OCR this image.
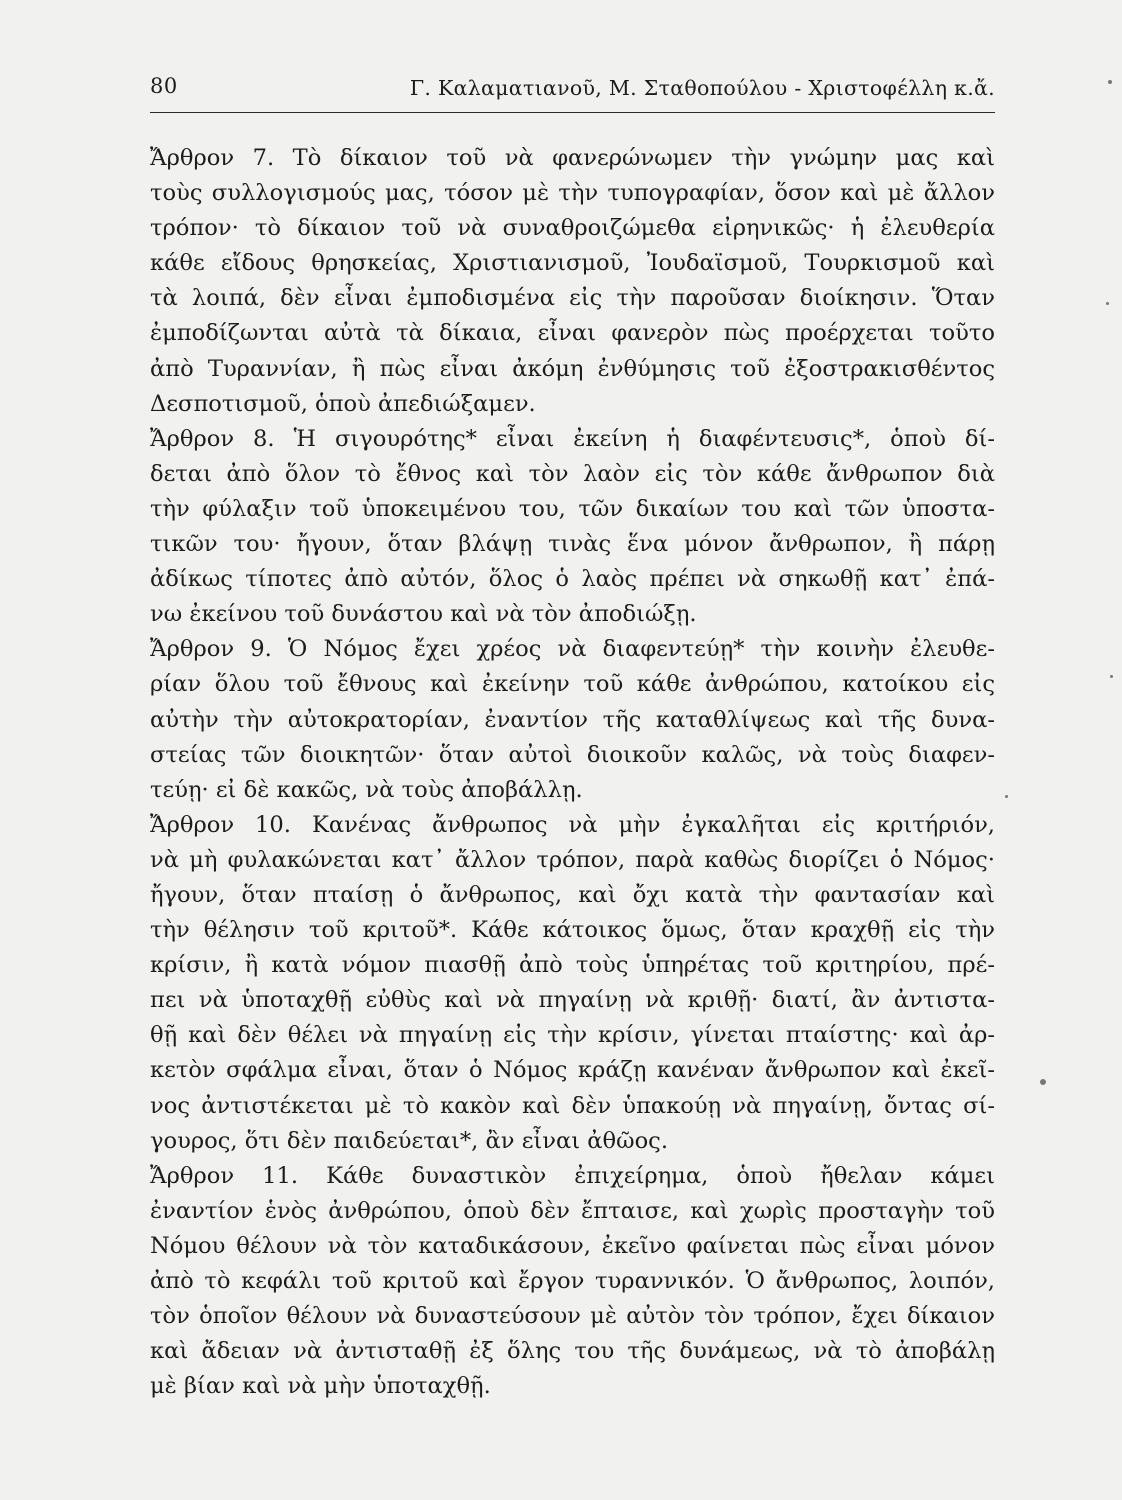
80	Γ. Καλαματιανοῦ, Μ. Σταθοπούλου - Χριστοφέλλη κ.ἄ.
Ἄρθρον 7. Τὸ δίκαιον τοῦ νὰ φανερώνωμεν τὴν γνώμην μας καὶ
τοὺς συλλογισμούς μας, τόσον μὲ τὴν τυπογραφίαν, ὅσον καὶ μὲ ἄλλον
τρόπον· τὸ δίκαιον τοῦ νὰ συναθροιζώμεθα εἰρηνικῶς· ἡ ἐλευθερία
κάθε εἴδους θρησκείας, Χριστιανισμοῦ, Ἰουδαϊσμοῦ, Τουρκισμοῦ καὶ
τὰ λοιπά, δὲν εἶναι ἐμποδισμένα εἰς τὴν παροῦσαν διοίκησιν. Ὅταν
ἐμποδίζωνται αὐτὰ τὰ δίκαια, εἶναι φανερὸν πὼς προέρχεται τοῦτο
ἀπὸ Τυραννίαν, ἢ πὼς εἶναι ἀκόμη ἐνθύμησις τοῦ ἐξοστρακισθέντος
Δεσποτισμοῦ, ὁποὺ ἀπεδιώξαμεν.
Ἄρθρον 8. Ἡ σιγουρότης* εἶναι ἐκείνη ἡ διαφέντευσις*, ὁποὺ δί-
δεται ἀπὸ ὅλον τὸ ἔθνος καὶ τὸν λαὸν εἰς τὸν κάθε ἄνθρωπον διὰ
τὴν φύλαξιν τοῦ ὑποκειμένου του, τῶν δικαίων του καὶ τῶν ὑποστα-
τικῶν του· ἤγουν, ὅταν βλάψῃ τινὰς ἕνα μόνον ἄνθρωπον, ἢ πάρῃ
ἀδίκως τίποτες ἀπὸ αὐτόν, ὅλος ὁ λαὸς πρέπει νὰ σηκωθῇ κατ᾽ ἐπά-
νω ἐκείνου τοῦ δυνάστου καὶ νὰ τὸν ἀποδιώξῃ.
Ἄρθρον 9. Ὁ Νόμος ἔχει χρέος νὰ διαφεντεύῃ* τὴν κοινὴν ἐλευθε-
ρίαν ὅλου τοῦ ἔθνους καὶ ἐκείνην τοῦ κάθε ἀνθρώπου, κατοίκου εἰς
αὐτὴν τὴν αὐτοκρατορίαν, ἐναντίον τῆς καταθλίψεως καὶ τῆς δυνα-
στείας τῶν διοικητῶν· ὅταν αὐτοὶ διοικοῦν καλῶς, νὰ τοὺς διαφεν-
τεύῃ· εἰ δὲ κακῶς, νὰ τοὺς ἀποβάλλῃ.
Ἄρθρον 10. Κανένας ἄνθρωπος νὰ μὴν ἐγκαλῆται εἰς κριτήριόν,
νὰ μὴ φυλακώνεται κατ᾽ ἄλλον τρόπον, παρὰ καθὼς διορίζει ὁ Νόμος·
ἤγουν, ὅταν πταίσῃ ὁ ἄνθρωπος, καὶ ὄχι κατὰ τὴν φαντασίαν καὶ
τὴν θέλησιν τοῦ κριτοῦ*. Κάθε κάτοικος ὅμως, ὅταν κραχθῇ εἰς τὴν
κρίσιν, ἢ κατὰ νόμον πιασθῇ ἀπὸ τοὺς ὑπηρέτας τοῦ κριτηρίου, πρέ-
πει νὰ ὑποταχθῇ εὐθὺς καὶ νὰ πηγαίνῃ νὰ κριθῇ· διατί, ἂν ἀντιστα-
θῇ καὶ δὲν θέλει νὰ πηγαίνῃ εἰς τὴν κρίσιν, γίνεται πταίστης· καὶ ἀρ-
κετὸν σφάλμα εἶναι, ὅταν ὁ Νόμος κράζῃ κανέναν ἄνθρωπον καὶ ἐκεῖ-
νος ἀντιστέκεται μὲ τὸ κακὸν καὶ δὲν ὑπακούῃ νὰ πηγαίνῃ, ὄντας σί-
γουρος, ὅτι δὲν παιδεύεται*, ἂν εἶναι ἀθῶος.
Ἄρθρον 11. Κάθε δυναστικὸν ἐπιχείρημα, ὁποὺ ἤθελαν κάμει
ἐναντίον ἑνὸς ἀνθρώπου, ὁποὺ δὲν ἔπταισε, καὶ χωρὶς προσταγὴν τοῦ
Νόμου θέλουν νὰ τὸν καταδικάσουν, ἐκεῖνο φαίνεται πὼς εἶναι μόνον
ἀπὸ τὸ κεφάλι τοῦ κριτοῦ καὶ ἔργον τυραννικόν. Ὁ ἄνθρωπος, λοιπόν,
τὸν ὁποῖον θέλουν νὰ δυναστεύσουν μὲ αὐτὸν τὸν τρόπον, ἔχει δίκαιον
καὶ ἄδειαν νὰ ἀντισταθῇ ἐξ ὅλης του τῆς δυνάμεως, νὰ τὸ ἀποβάλῃ
μὲ βίαν καὶ νὰ μὴν ὑποταχθῇ.
